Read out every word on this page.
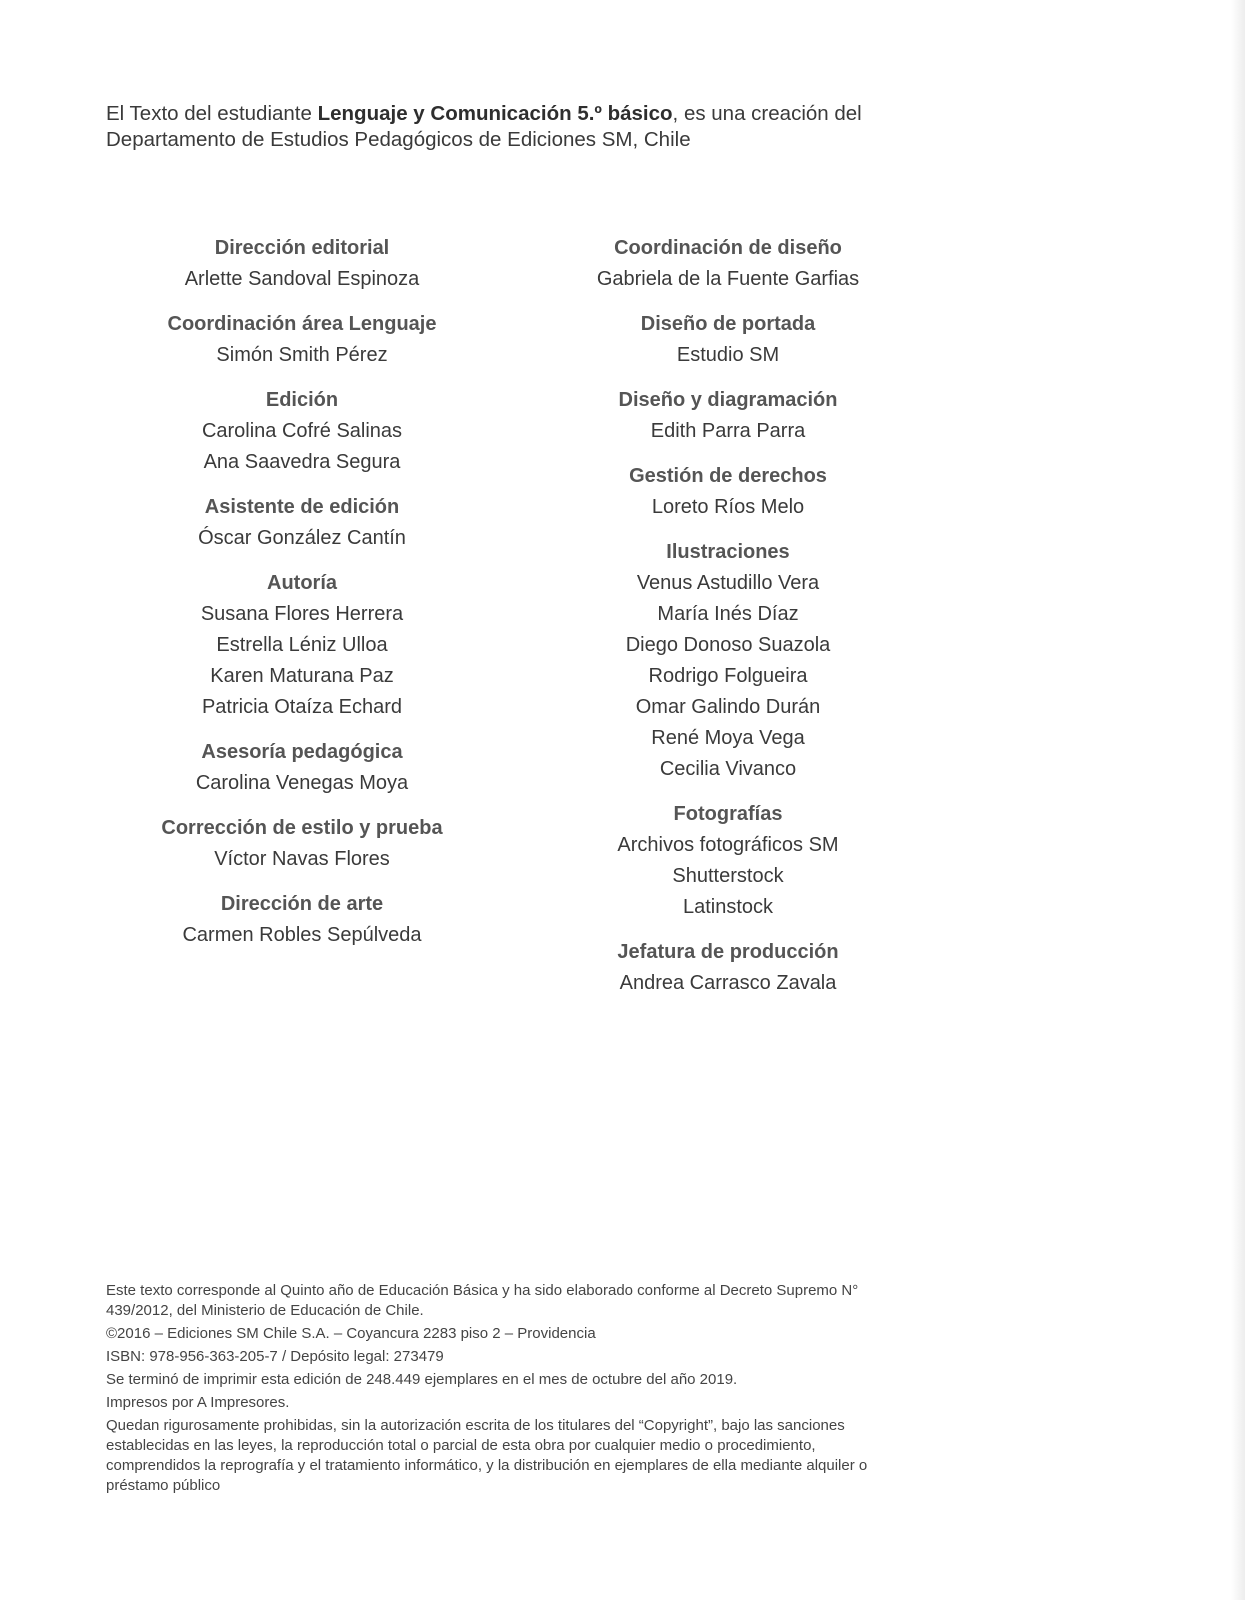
El Texto del estudiante Lenguaje y Comunicación 5.º básico, es una creación del Departamento de Estudios Pedagógicos de Ediciones SM, Chile
Dirección editorial
Arlette Sandoval Espinoza
Coordinación área Lenguaje
Simón Smith Pérez
Edición
Carolina Cofré Salinas
Ana Saavedra Segura
Asistente de edición
Óscar González Cantín
Autoría
Susana Flores Herrera
Estrella Léniz Ulloa
Karen Maturana Paz
Patricia Otaíza Echard
Asesoría pedagógica
Carolina Venegas Moya
Corrección de estilo y prueba
Víctor Navas Flores
Dirección de arte
Carmen Robles Sepúlveda
Coordinación de diseño
Gabriela de la Fuente Garfias
Diseño de portada
Estudio SM
Diseño y diagramación
Edith Parra Parra
Gestión de derechos
Loreto Ríos Melo
Ilustraciones
Venus Astudillo Vera
María Inés Díaz
Diego Donoso Suazola
Rodrigo Folgueira
Omar Galindo Durán
René Moya Vega
Cecilia Vivanco
Fotografías
Archivos fotográficos SM
Shutterstock
Latinstock
Jefatura de producción
Andrea Carrasco Zavala

Este texto corresponde al Quinto año de Educación Básica y ha sido elaborado conforme al Decreto Supremo N° 439/2012, del Ministerio de Educación de Chile.

©2016 – Ediciones SM Chile S.A. – Coyancura 2283 piso 2 – Providencia

ISBN: 978-956-363-205-7 / Depósito legal: 273479

Se terminó de imprimir esta edición de 248.449 ejemplares en el mes de octubre del año 2019.

Impresos por A Impresores.

Quedan rigurosamente prohibidas, sin la autorización escrita de los titulares del “Copyright”, bajo las sanciones establecidas en las leyes, la reproducción total o parcial de esta obra por cualquier medio o procedimiento, comprendidos la reprografía y el tratamiento informático, y la distribución en ejemplares de ella mediante alquiler o préstamo público
